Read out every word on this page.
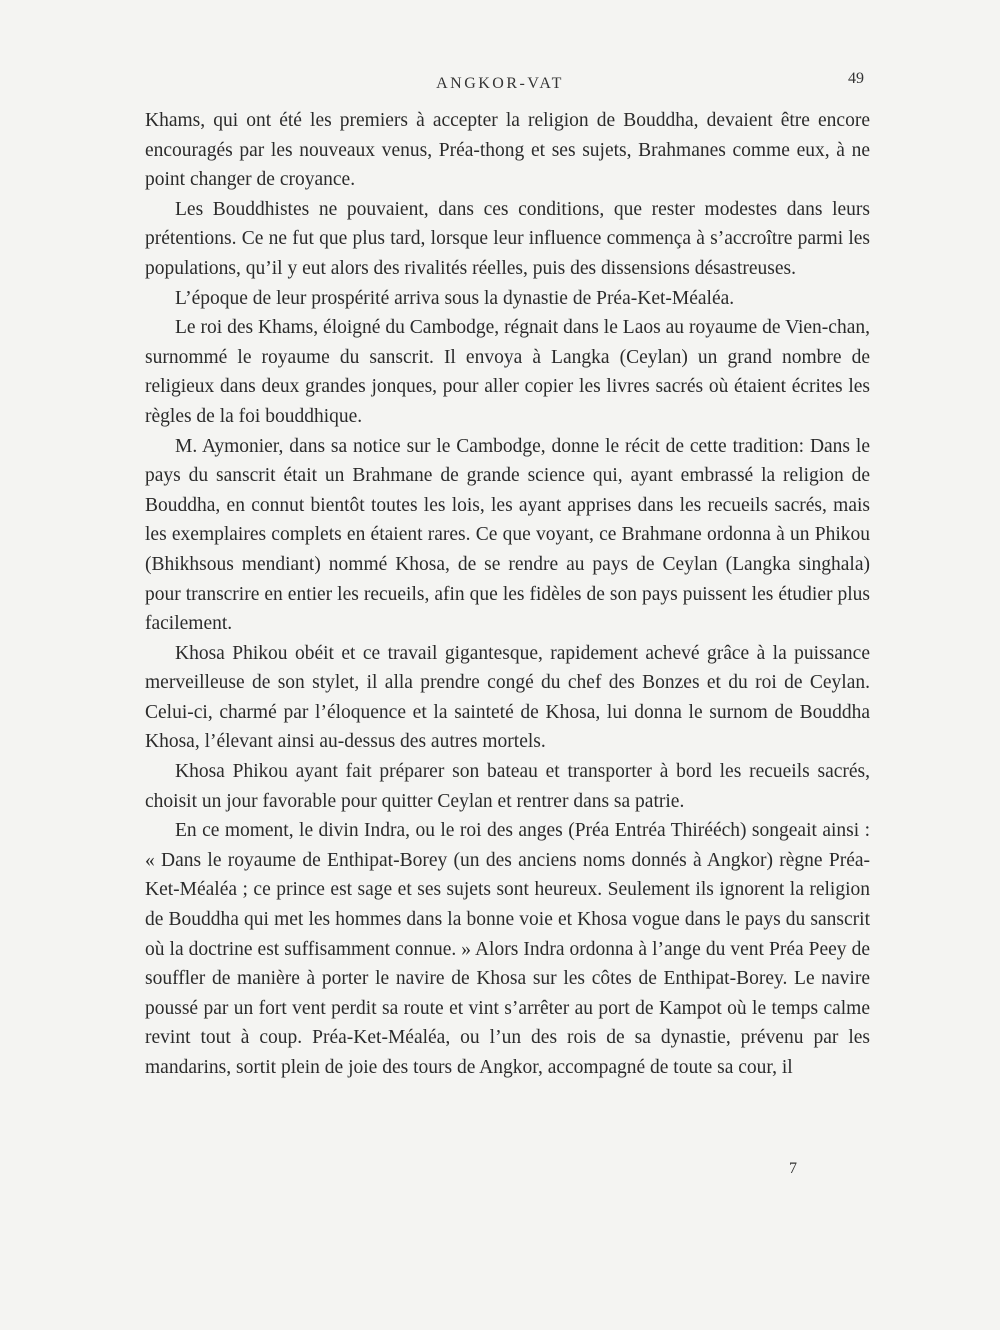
ANGKOR-VAT	49

Khams, qui ont été les premiers à accepter la religion de Bouddha, devaient être encore encouragés par les nouveaux venus, Préa-thong et ses sujets, Brahmanes comme eux, à ne point changer de croyance.

Les Bouddhistes ne pouvaient, dans ces conditions, que rester modestes dans leurs prétentions. Ce ne fut que plus tard, lorsque leur influence commença à s’accroître parmi les populations, qu’il y eut alors des rivalités réelles, puis des dissensions désastreuses.

L’époque de leur prospérité arriva sous la dynastie de Préa-Ket-Méaléa.

Le roi des Khams, éloigné du Cambodge, régnait dans le Laos au royaume de Vien-chan, surnommé le royaume du sanscrit. Il envoya à Langka (Ceylan) un grand nombre de religieux dans deux grandes jonques, pour aller copier les livres sacrés où étaient écrites les règles de la foi bouddhique.

M. Aymonier, dans sa notice sur le Cambodge, donne le récit de cette tradition: Dans le pays du sanscrit était un Brahmane de grande science qui, ayant embrassé la religion de Bouddha, en connut bientôt toutes les lois, les ayant apprises dans les recueils sacrés, mais les exemplaires complets en étaient rares. Ce que voyant, ce Brahmane ordonna à un Phikou (Bhikhsous mendiant) nommé Khosa, de se rendre au pays de Ceylan (Langka singhala) pour transcrire en entier les recueils, afin que les fidèles de son pays puissent les étudier plus facilement.

Khosa Phikou obéit et ce travail gigantesque, rapidement achevé grâce à la puissance merveilleuse de son stylet, il alla prendre congé du chef des Bonzes et du roi de Ceylan. Celui-ci, charmé par l’éloquence et la sainteté de Khosa, lui donna le surnom de Bouddha Khosa, l’élevant ainsi au-dessus des autres mortels.

Khosa Phikou ayant fait préparer son bateau et transporter à bord les recueils sacrés, choisit un jour favorable pour quitter Ceylan et rentrer dans sa patrie.

En ce moment, le divin Indra, ou le roi des anges (Préa Entréa Thirééch) songeait ainsi : « Dans le royaume de Enthipat-Borey (un des anciens noms donnés à Angkor) règne Préa-Ket-Méaléa ; ce prince est sage et ses sujets sont heureux. Seulement ils ignorent la religion de Bouddha qui met les hommes dans la bonne voie et Khosa vogue dans le pays du sanscrit où la doctrine est suffisamment connue. » Alors Indra ordonna à l’ange du vent Préa Peey de souffler de manière à porter le navire de Khosa sur les côtes de Enthipat-Borey. Le navire poussé par un fort vent perdit sa route et vint s’arrêter au port de Kampot où le temps calme revint tout à coup. Préa-Ket-Méaléa, ou l’un des rois de sa dynastie, prévenu par les mandarins, sortit plein de joie des tours de Angkor, accompagné de toute sa cour, il

7
